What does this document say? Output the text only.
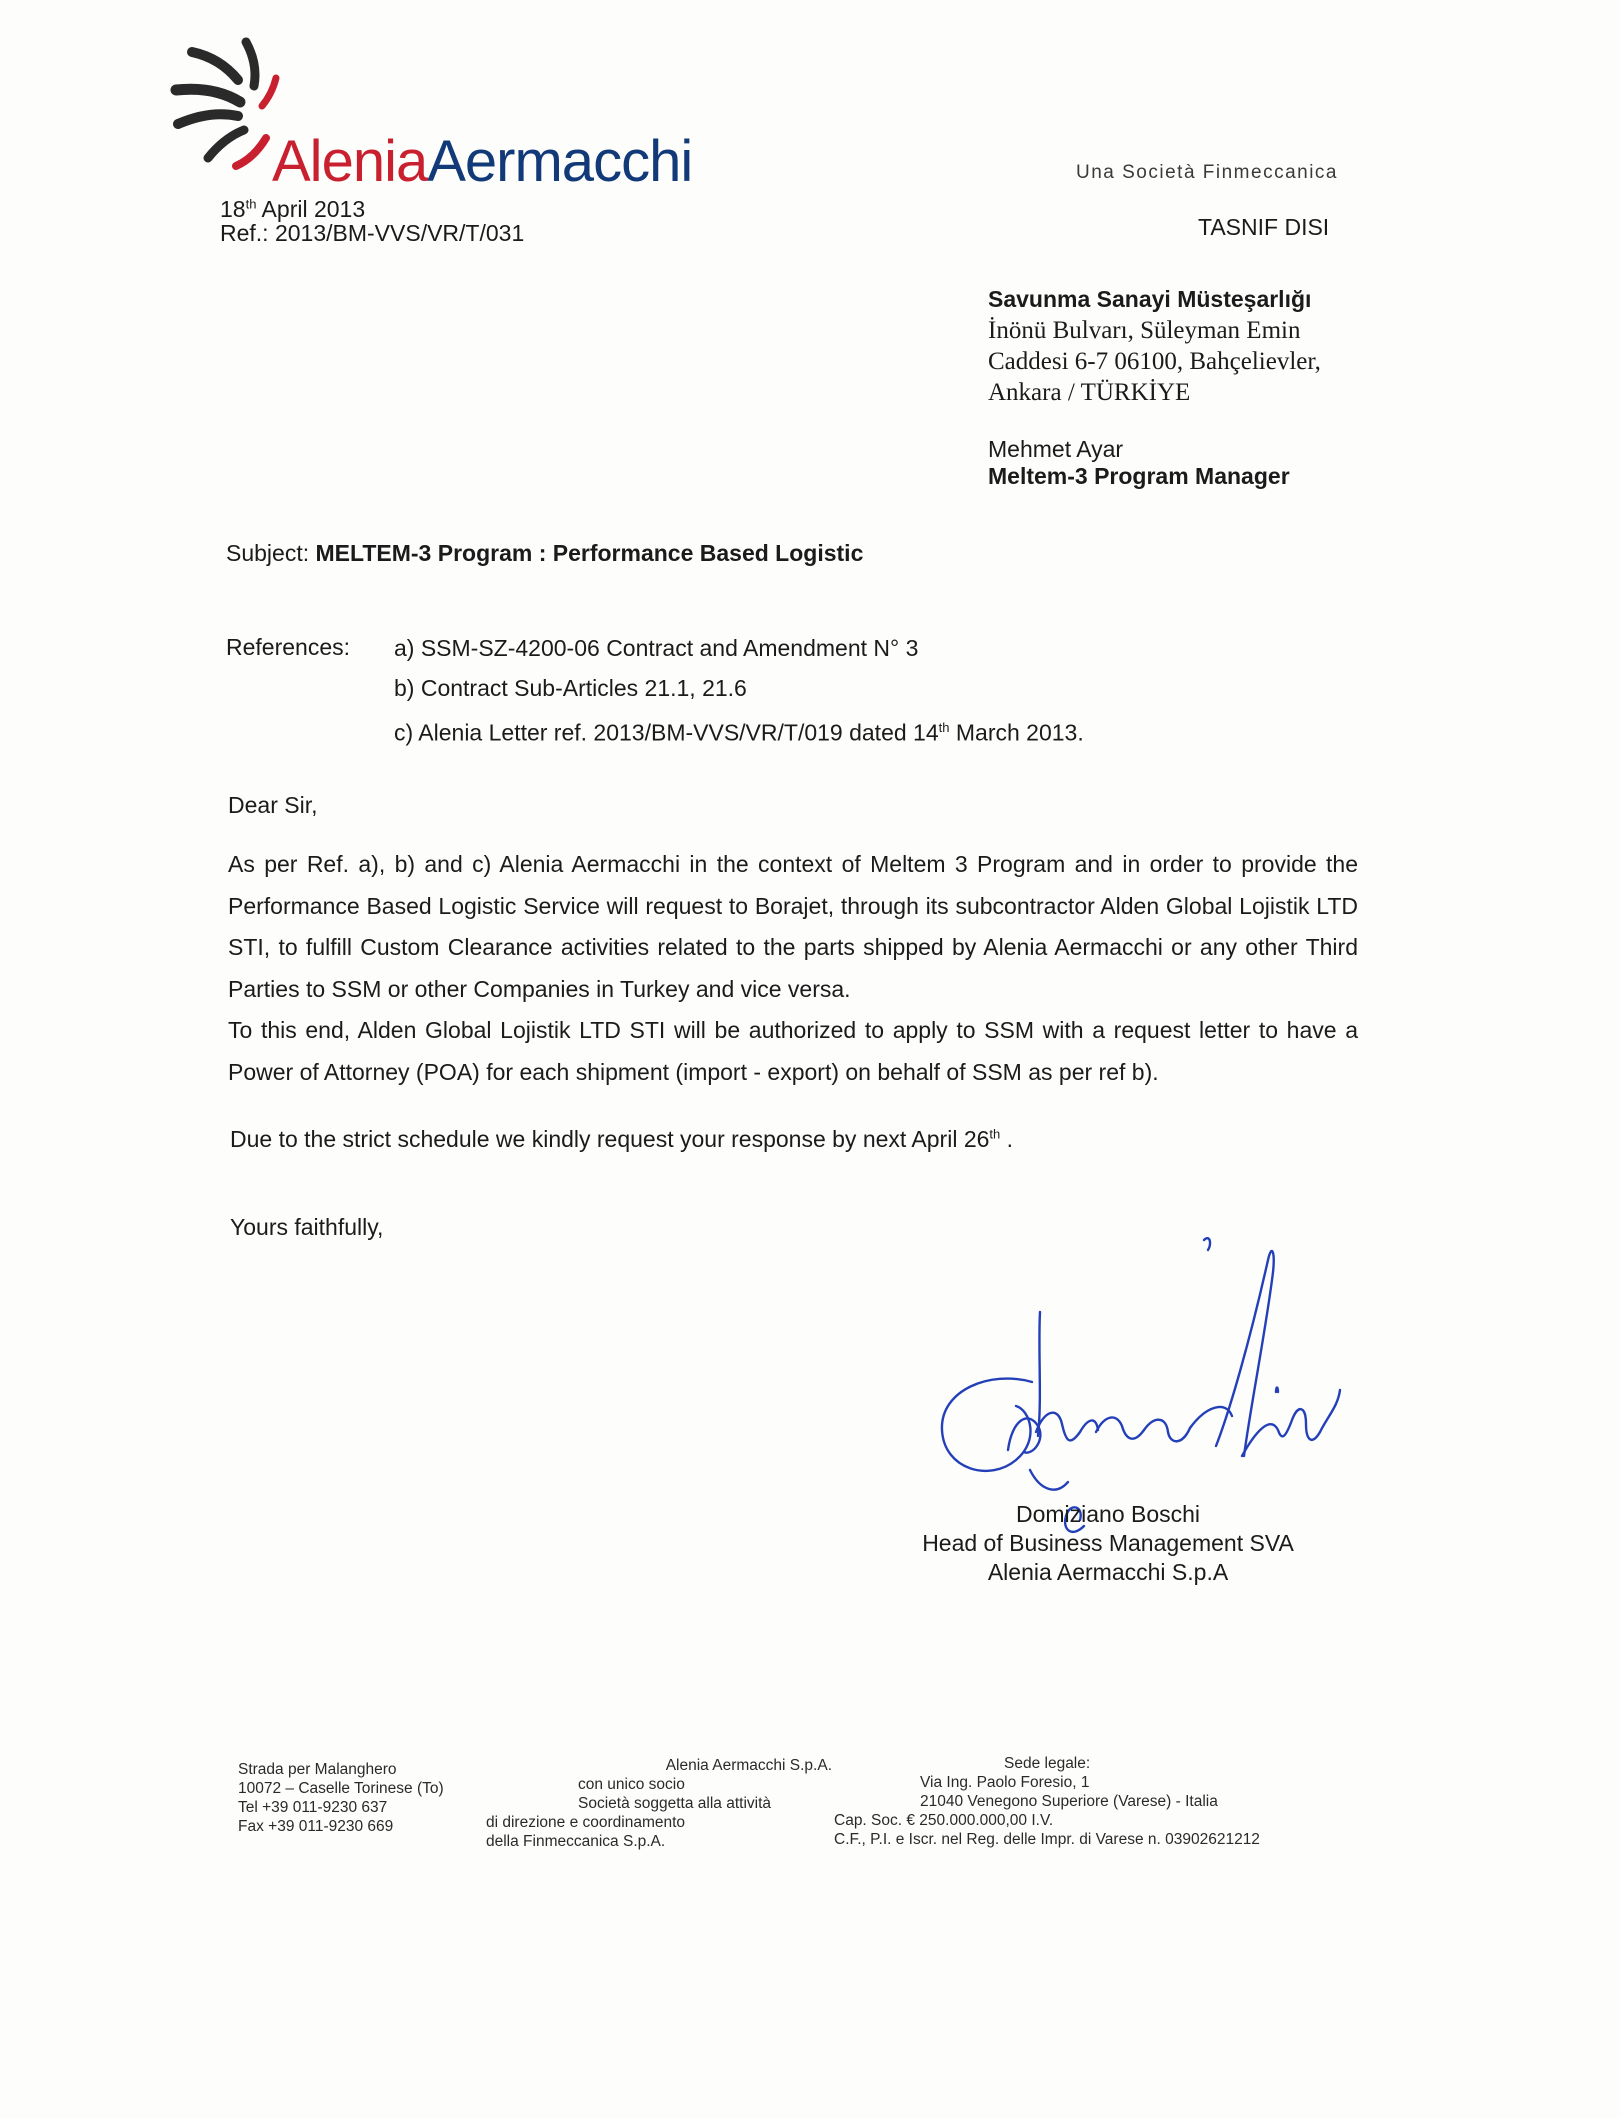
AleniaAermacchi	Una Società Finmeccanica
18th April 2013
Ref.: 2013/BM-VVS/VR/T/031	TASNIF DISI
Savunma Sanayi Müsteşarlığı
İnönü Bulvarı, Süleyman Emin
Caddesi 6-7 06100, Bahçelievler,
Ankara / TÜRKİYE
Mehmet Ayar
Meltem-3 Program Manager
Subject: MELTEM-3 Program : Performance Based Logistic
References: a) SSM-SZ-4200-06 Contract and Amendment N° 3
b) Contract Sub-Articles 21.1, 21.6
c) Alenia Letter ref. 2013/BM-VVS/VR/T/019 dated 14th March 2013.
Dear Sir,

As per Ref. a), b) and c) Alenia Aermacchi in the context of Meltem 3 Program and in order to provide the Performance Based Logistic Service will request to Borajet, through its subcontractor Alden Global Lojistik LTD STI, to fulfill Custom Clearance activities related to the parts shipped by Alenia Aermacchi or any other Third Parties to SSM or other Companies in Turkey and vice versa.

To this end, Alden Global Lojistik LTD STI will be authorized to apply to SSM with a request letter to have a Power of Attorney (POA) for each shipment (import - export) on behalf of SSM as per ref b).

Due to the strict schedule we kindly request your response by next April 26th .
Yours faithfully,
Domiziano Boschi
Head of Business Management SVA
Alenia Aermacchi S.p.A
Strada per Malanghero
10072 – Caselle Torinese (To)
Tel +39 011-9230 637
Fax +39 011-9230 669
Alenia Aermacchi S.p.A.
con unico socio
Società soggetta alla attività
di direzione e coordinamento
della Finmeccanica S.p.A.
Sede legale:
Via Ing. Paolo Foresio, 1
21040 Venegono Superiore (Varese) - Italia
Cap. Soc. € 250.000.000,00 I.V.
C.F., P.I. e Iscr. nel Reg. delle Impr. di Varese n. 03902621212
